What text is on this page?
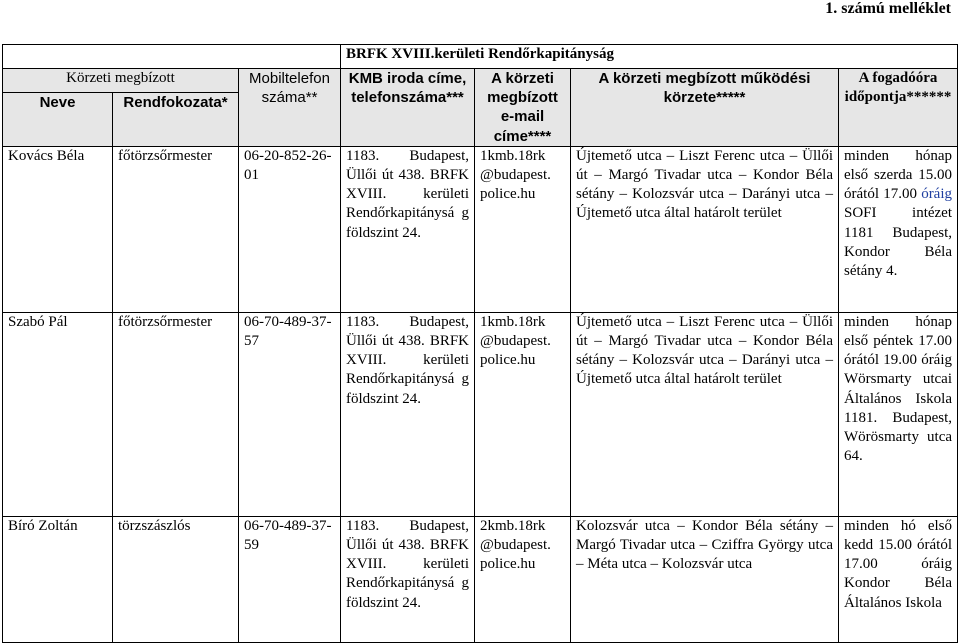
1. számú melléklet
			BRFK XVIII.kerületi Rendőrkapitányság			
Körzeti megbízott		Mobiltelefon száma**	KMB iroda címe, telefonszáma***	A körzeti megbízott e-mail címe****	A körzeti megbízott működési körzete*****	A fogadóóra időpontja******
Neve	Rendfokozata*					
Kovács Béla	főtörzsőrmester	06-20-852-26-01	1183. Budapest, Üllői út 438. BRFK XVIII. kerületi Rendőrkapitánysá g földszint 24.	1kmb.18rk @budapest. police.hu	Újtemető utca – Liszt Ferenc utca – Üllői út – Margó Tivadar utca – Kondor Béla sétány – Kolozsvár utca – Darányi utca – Újtemető utca által határolt terület	minden hónap első szerda 15.00 órától 17.00 óráig SOFI intézet 1181 Budapest, Kondor Béla sétány 4.
Szabó Pál	főtörzsőrmester	06-70-489-37-57	1183. Budapest, Üllői út 438. BRFK XVIII. kerületi Rendőrkapitánysá g földszint 24.	1kmb.18rk @budapest. police.hu	Újtemető utca – Liszt Ferenc utca – Üllői út – Margó Tivadar utca – Kondor Béla sétány – Kolozsvár utca – Darányi utca – Újtemető utca által határolt terület	minden hónap első péntek 17.00 órától 19.00 óráig Wörsmarty utcai Általános Iskola 1181. Budapest, Wörösmarty utca 64.
Bíró Zoltán	törzszászlós	06-70-489-37-59	1183. Budapest, Üllői út 438. BRFK XVIII. kerületi Rendőrkapitánysá g földszint 24.	2kmb.18rk @budapest. police.hu	Kolozsvár utca – Kondor Béla sétány – Margó Tivadar utca – Cziffra György utca – Méta utca – Kolozsvár utca	minden hó első kedd 15.00 órától 17.00 óráig Kondor Béla Általános Iskola
